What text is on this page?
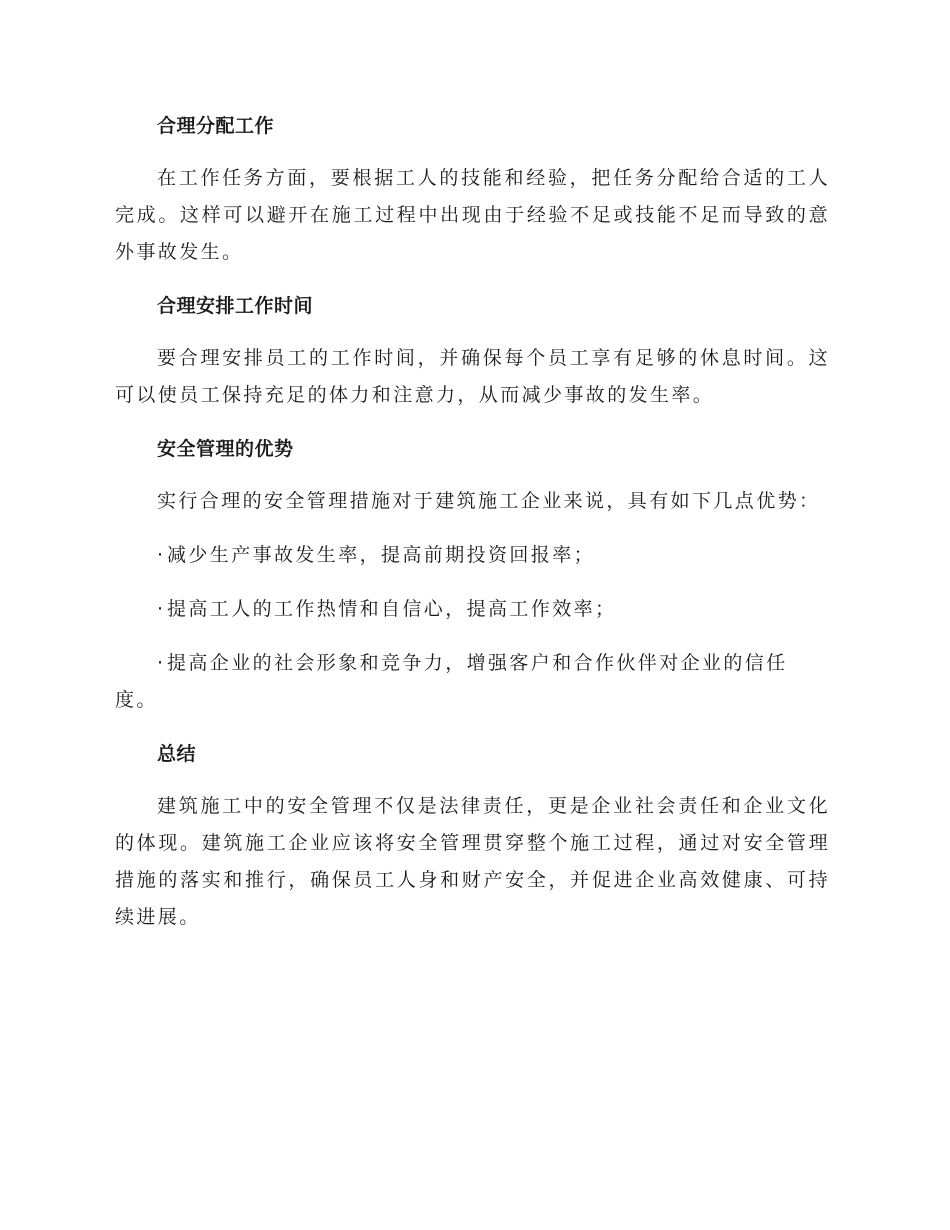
合理分配工作

在工作任务方面，要根据工人的技能和经验，把任务分配给合适的工人完成。这样可以避开在施工过程中出现由于经验不足或技能不足而导致的意外事故发生。

合理安排工作时间

要合理安排员工的工作时间，并确保每个员工享有足够的休息时间。这可以使员工保持充足的体力和注意力，从而减少事故的发生率。

安全管理的优势

实行合理的安全管理措施对于建筑施工企业来说，具有如下几点优势：

·减少生产事故发生率，提高前期投资回报率；

·提高工人的工作热情和自信心，提高工作效率；

·提高企业的社会形象和竞争力，增强客户和合作伙伴对企业的信任度。

总结

建筑施工中的安全管理不仅是法律责任，更是企业社会责任和企业文化的体现。建筑施工企业应该将安全管理贯穿整个施工过程，通过对安全管理措施的落实和推行，确保员工人身和财产安全，并促进企业高效健康、可持续进展。
